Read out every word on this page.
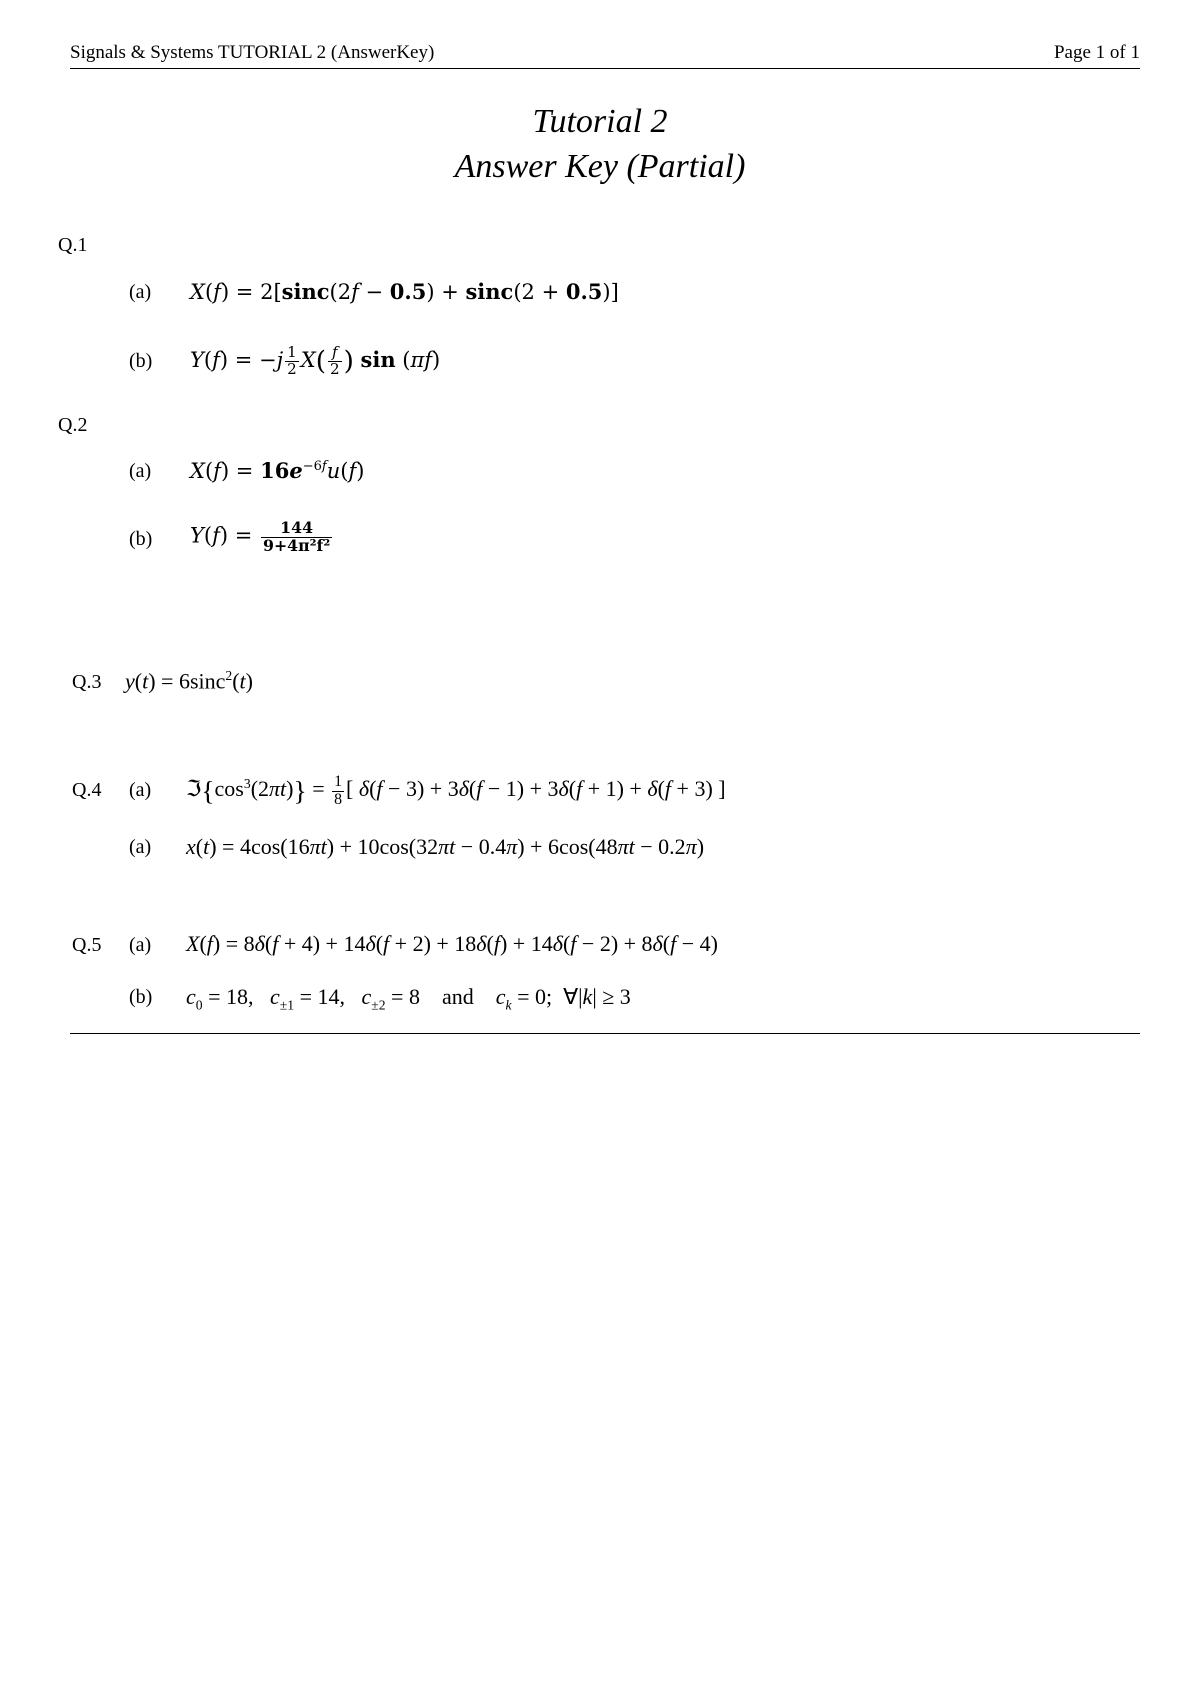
Signals & Systems TUTORIAL 2 (AnswerKey)	Page 1 of 1
Tutorial 2
Answer Key (Partial)
Q.1
(a) X(f) = 2[sinc(2f − 0.5) + sinc(2 + 0.5)]
(b) $Y(f) = -j \frac{1}{2} X( \frac{f}{2}$ ) sin (πf)
Q.2
(a) $X(f) = 16e^{-6f}u(f)$
(b) $Y(f) = \frac{144}{\text{9+4π²f²}}$
Q.3 y(t) = 6sinc$^2$(t)
Q.4 (a) $ℑ\{\cos^3(2\pi t)\} = \frac{1}{8}$ [ δ(f − 3) + 3δ(f − 1) + 3δ(f + 1) + δ(f + 3) ]
(a) x(t) = 4cos(16πt) + 10cos(32πt − 0.4π) + 6cos(48πt − 0.2π)
Q.5 (a) X(f) = 8δ(f + 4) + 14δ(f + 2) + 18δ(f) + 14δ(f − 2) + 8δ(f − 4)
(b) $c_0 = 18$,   $c_{\pm 1} = 14$,   $c_{\pm 2} = 8$    and $c_k = 0$;  ∀|k| ≥ 3
